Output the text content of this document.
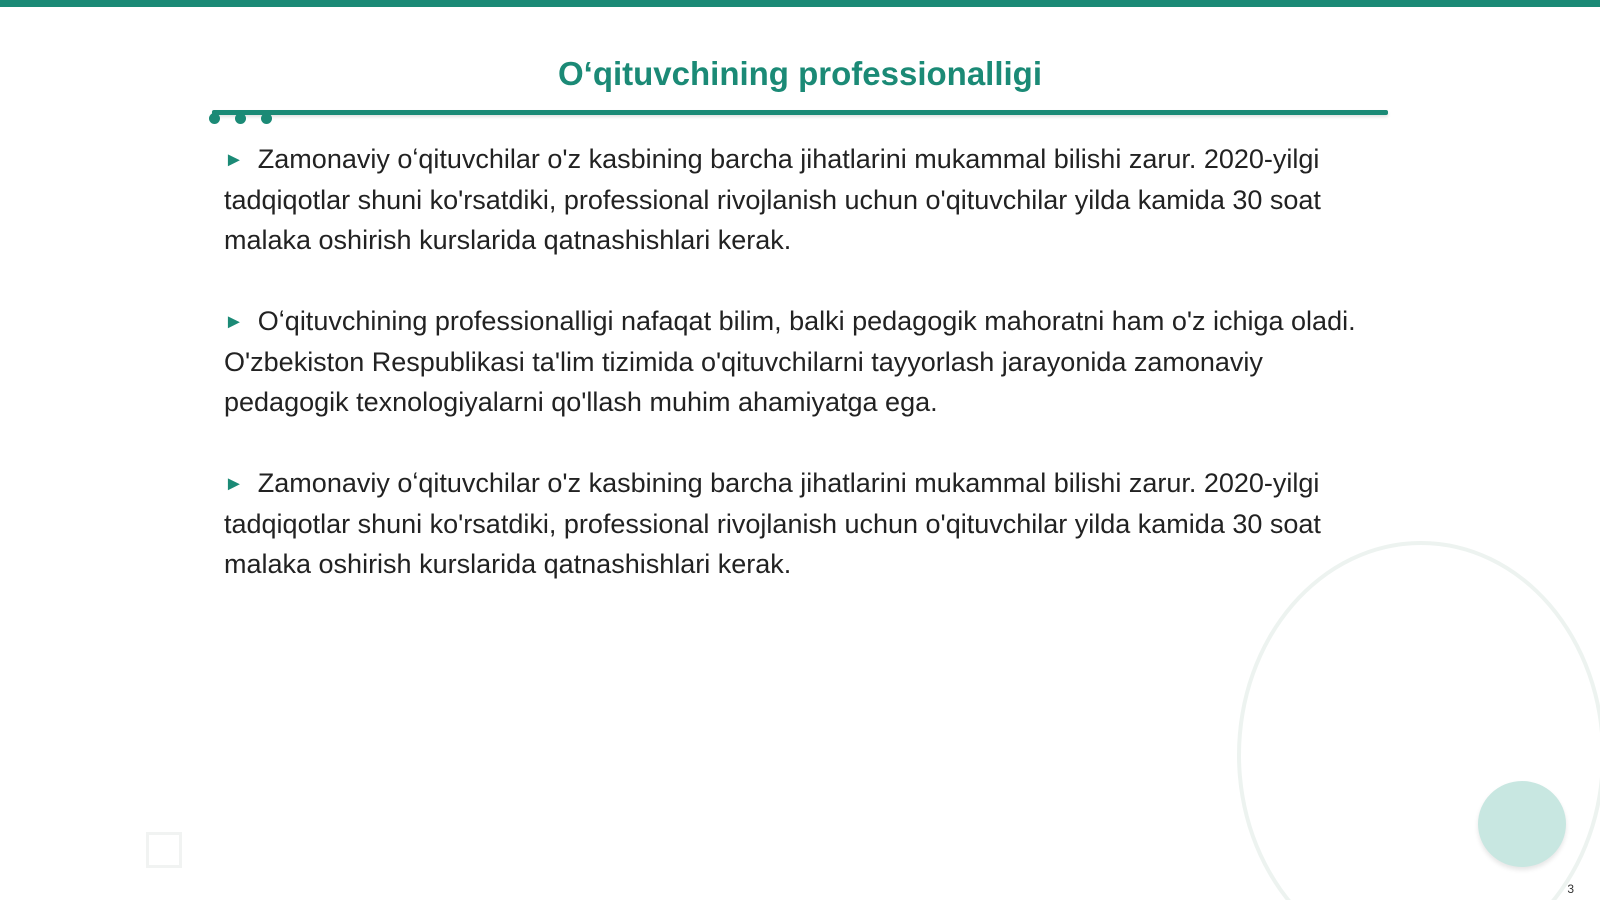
Oʻqituvchining professionalligi

► Zamonaviy oʻqituvchilar o'z kasbining barcha jihatlarini mukammal bilishi zarur. 2020-yilgi tadqiqotlar shuni ko'rsatdiki, professional rivojlanish uchun o'qituvchilar yilda kamida 30 soat malaka oshirish kurslarida qatnashishlari kerak.

► Oʻqituvchining professionalligi nafaqat bilim, balki pedagogik mahoratni ham o'z ichiga oladi. O'zbekiston Respublikasi ta'lim tizimida o'qituvchilarni tayyorlash jarayonida zamonaviy pedagogik texnologiyalarni qo'llash muhim ahamiyatga ega.

► Zamonaviy oʻqituvchilar o'z kasbining barcha jihatlarini mukammal bilishi zarur. 2020-yilgi tadqiqotlar shuni ko'rsatdiki, professional rivojlanish uchun o'qituvchilar yilda kamida 30 soat malaka oshirish kurslarida qatnashishlari kerak.

3
